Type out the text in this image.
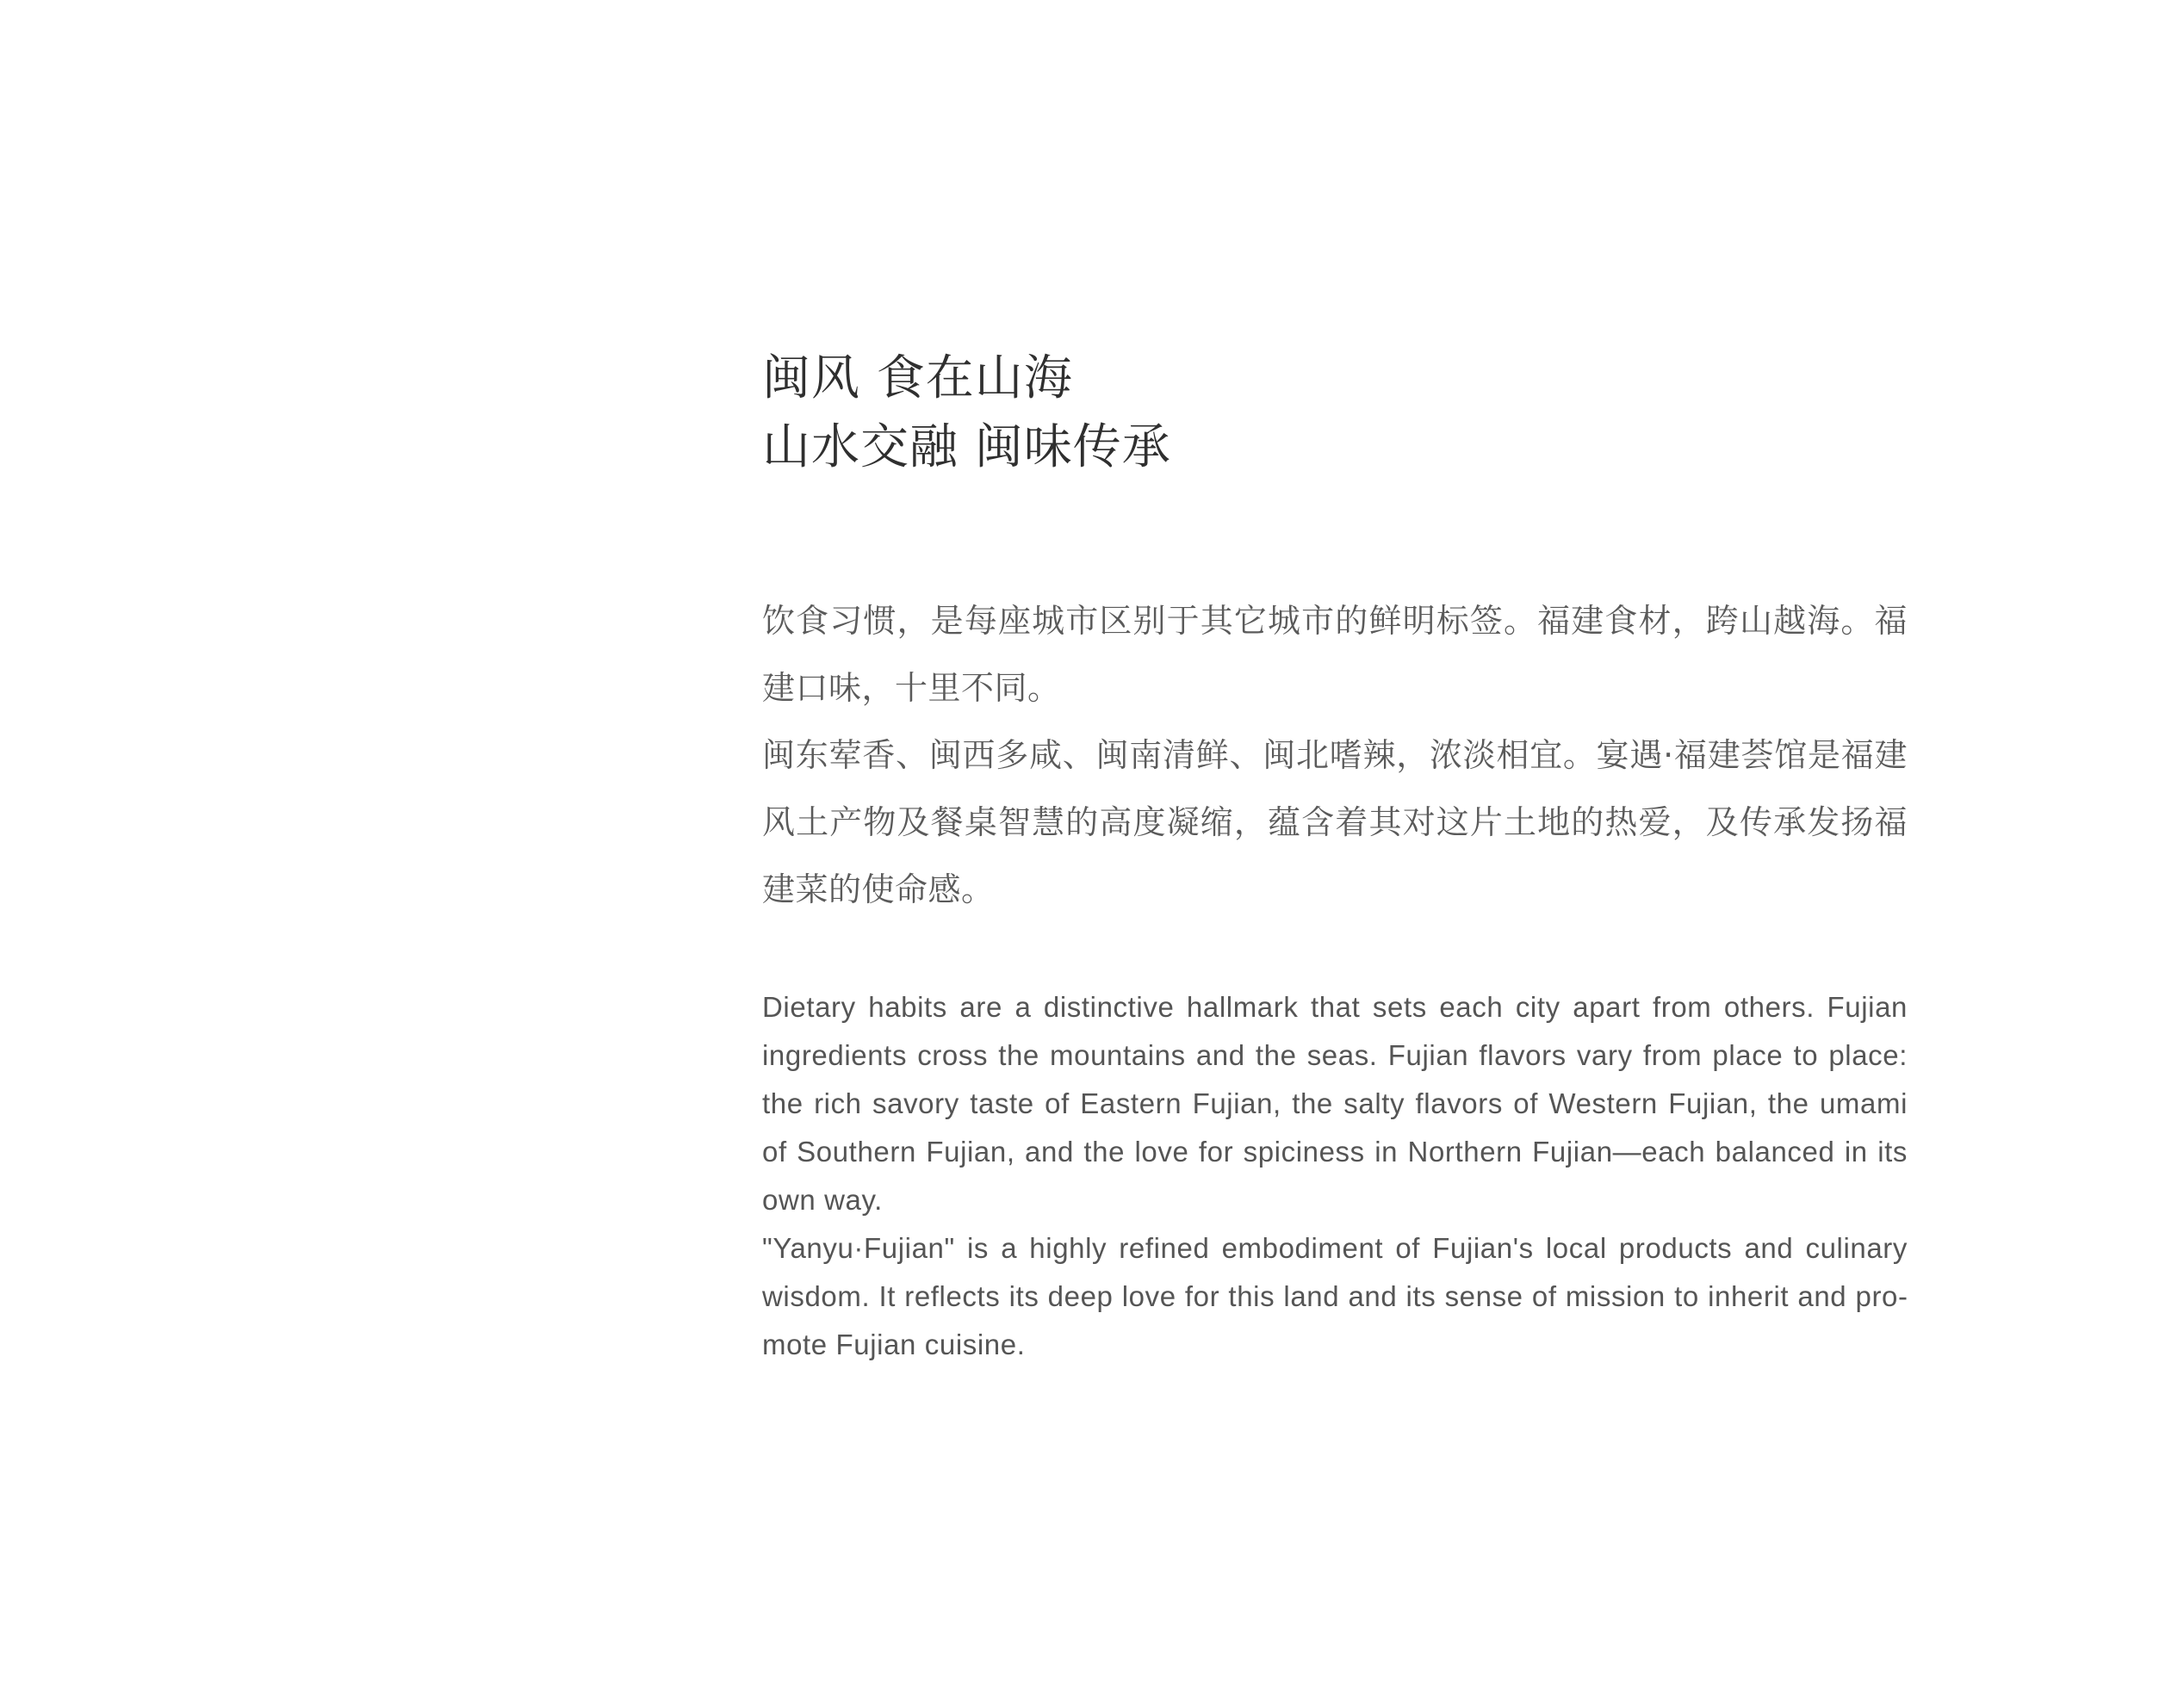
闽风 食在山海
山水交融 闽味传承

饮食习惯，是每座城市区别于其它城市的鲜明标签。福建食材，跨山越海。福建口味，十里不同。

闽东荤香、闽西多咸、闽南清鲜、闽北嗜辣，浓淡相宜。宴遇·福建荟馆是福建风土产物及餐桌智慧的高度凝缩，蕴含着其对这片土地的热爱，及传承发扬福建菜的使命感。

Dietary habits are a distinctive hallmark that sets each city apart from others. Fujian ingredients cross the mountains and the seas. Fujian flavors vary from place to place: the rich savory taste of Eastern Fujian, the salty flavors of Western Fujian, the umami of Southern Fujian, and the love for spiciness in Northern Fujian—each balanced in its own way.

"Yanyu·Fujian" is a highly refined embodiment of Fujian's local products and culinary wisdom. It reflects its deep love for this land and its sense of mission to inherit and promote Fujian cuisine.
